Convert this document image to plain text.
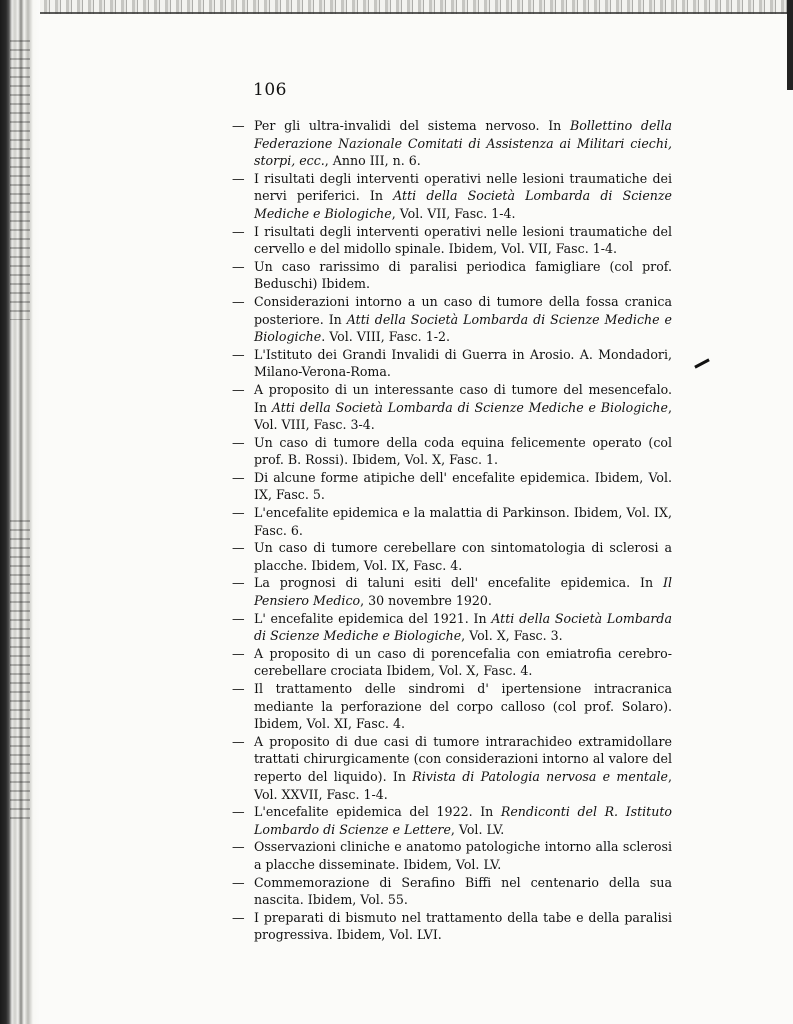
106
— Per gli ultra-invalidi del sistema nervoso. In Bollettino della Federazione Nazionale Comitati di Assistenza ai Militari ciechi, storpi, ecc., Anno III, n. 6.
— I risultati degli interventi operativi nelle lesioni traumatiche dei nervi periferici. In Atti della Società Lombarda di Scienze Mediche e Biologiche, Vol. VII, Fasc. 1-4.
— I risultati degli interventi operativi nelle lesioni traumatiche del cervello e del midollo spinale. Ibidem, Vol. VII, Fasc. 1-4.
— Un caso rarissimo di paralisi periodica famigliare (col prof. Beduschi) Ibidem.
— Considerazioni intorno a un caso di tumore della fossa cranica posteriore. In Atti della Società Lombarda di Scienze Mediche e Biologiche. Vol. VIII, Fasc. 1-2.
— L'Istituto dei Grandi Invalidi di Guerra in Arosio. A. Mondadori, Milano-Verona-Roma.
— A proposito di un interessante caso di tumore del mesencefalo. In Atti della Società Lombarda di Scienze Mediche e Biologiche, Vol. VIII, Fasc. 3-4.
— Un caso di tumore della coda equina felicemente operato (col prof. B. Rossi). Ibidem, Vol. X, Fasc. 1.
— Di alcune forme atipiche dell' encefalite epidemica. Ibidem, Vol. IX, Fasc. 5.
— L'encefalite epidemica e la malattia di Parkinson. Ibidem, Vol. IX, Fasc. 6.
— Un caso di tumore cerebellare con sintomatologia di sclerosi a placche. Ibidem, Vol. IX, Fasc. 4.
— La prognosi di taluni esiti dell' encefalite epidemica. In Il Pensiero Medico, 30 novembre 1920.
— L' encefalite epidemica del 1921. In Atti della Società Lombarda di Scienze Mediche e Biologiche, Vol. X, Fasc. 3.
— A proposito di un caso di porencefalia con emiatrofia cerebro-cerebellare crociata Ibidem, Vol. X, Fasc. 4.
— Il trattamento delle sindromi d' ipertensione intracranica mediante la perforazione del corpo calloso (col prof. Solaro). Ibidem, Vol. XI, Fasc. 4.
— A proposito di due casi di tumore intrarachideo extramidollare trattati chirurgicamente (con considerazioni intorno al valore del reperto del liquido). In Rivista di Patologia nervosa e mentale, Vol. XXVII, Fasc. 1-4.
— L'encefalite epidemica del 1922. In Rendiconti del R. Istituto Lombardo di Scienze e Lettere, Vol. LV.
— Osservazioni cliniche e anatomo patologiche intorno alla sclerosi a placche disseminate. Ibidem, Vol. LV.
— Commemorazione di Serafino Biffi nel centenario della sua nascita. Ibidem, Vol. 55.
— I preparati di bismuto nel trattamento della tabe e della paralisi progressiva. Ibidem, Vol. LVI.
